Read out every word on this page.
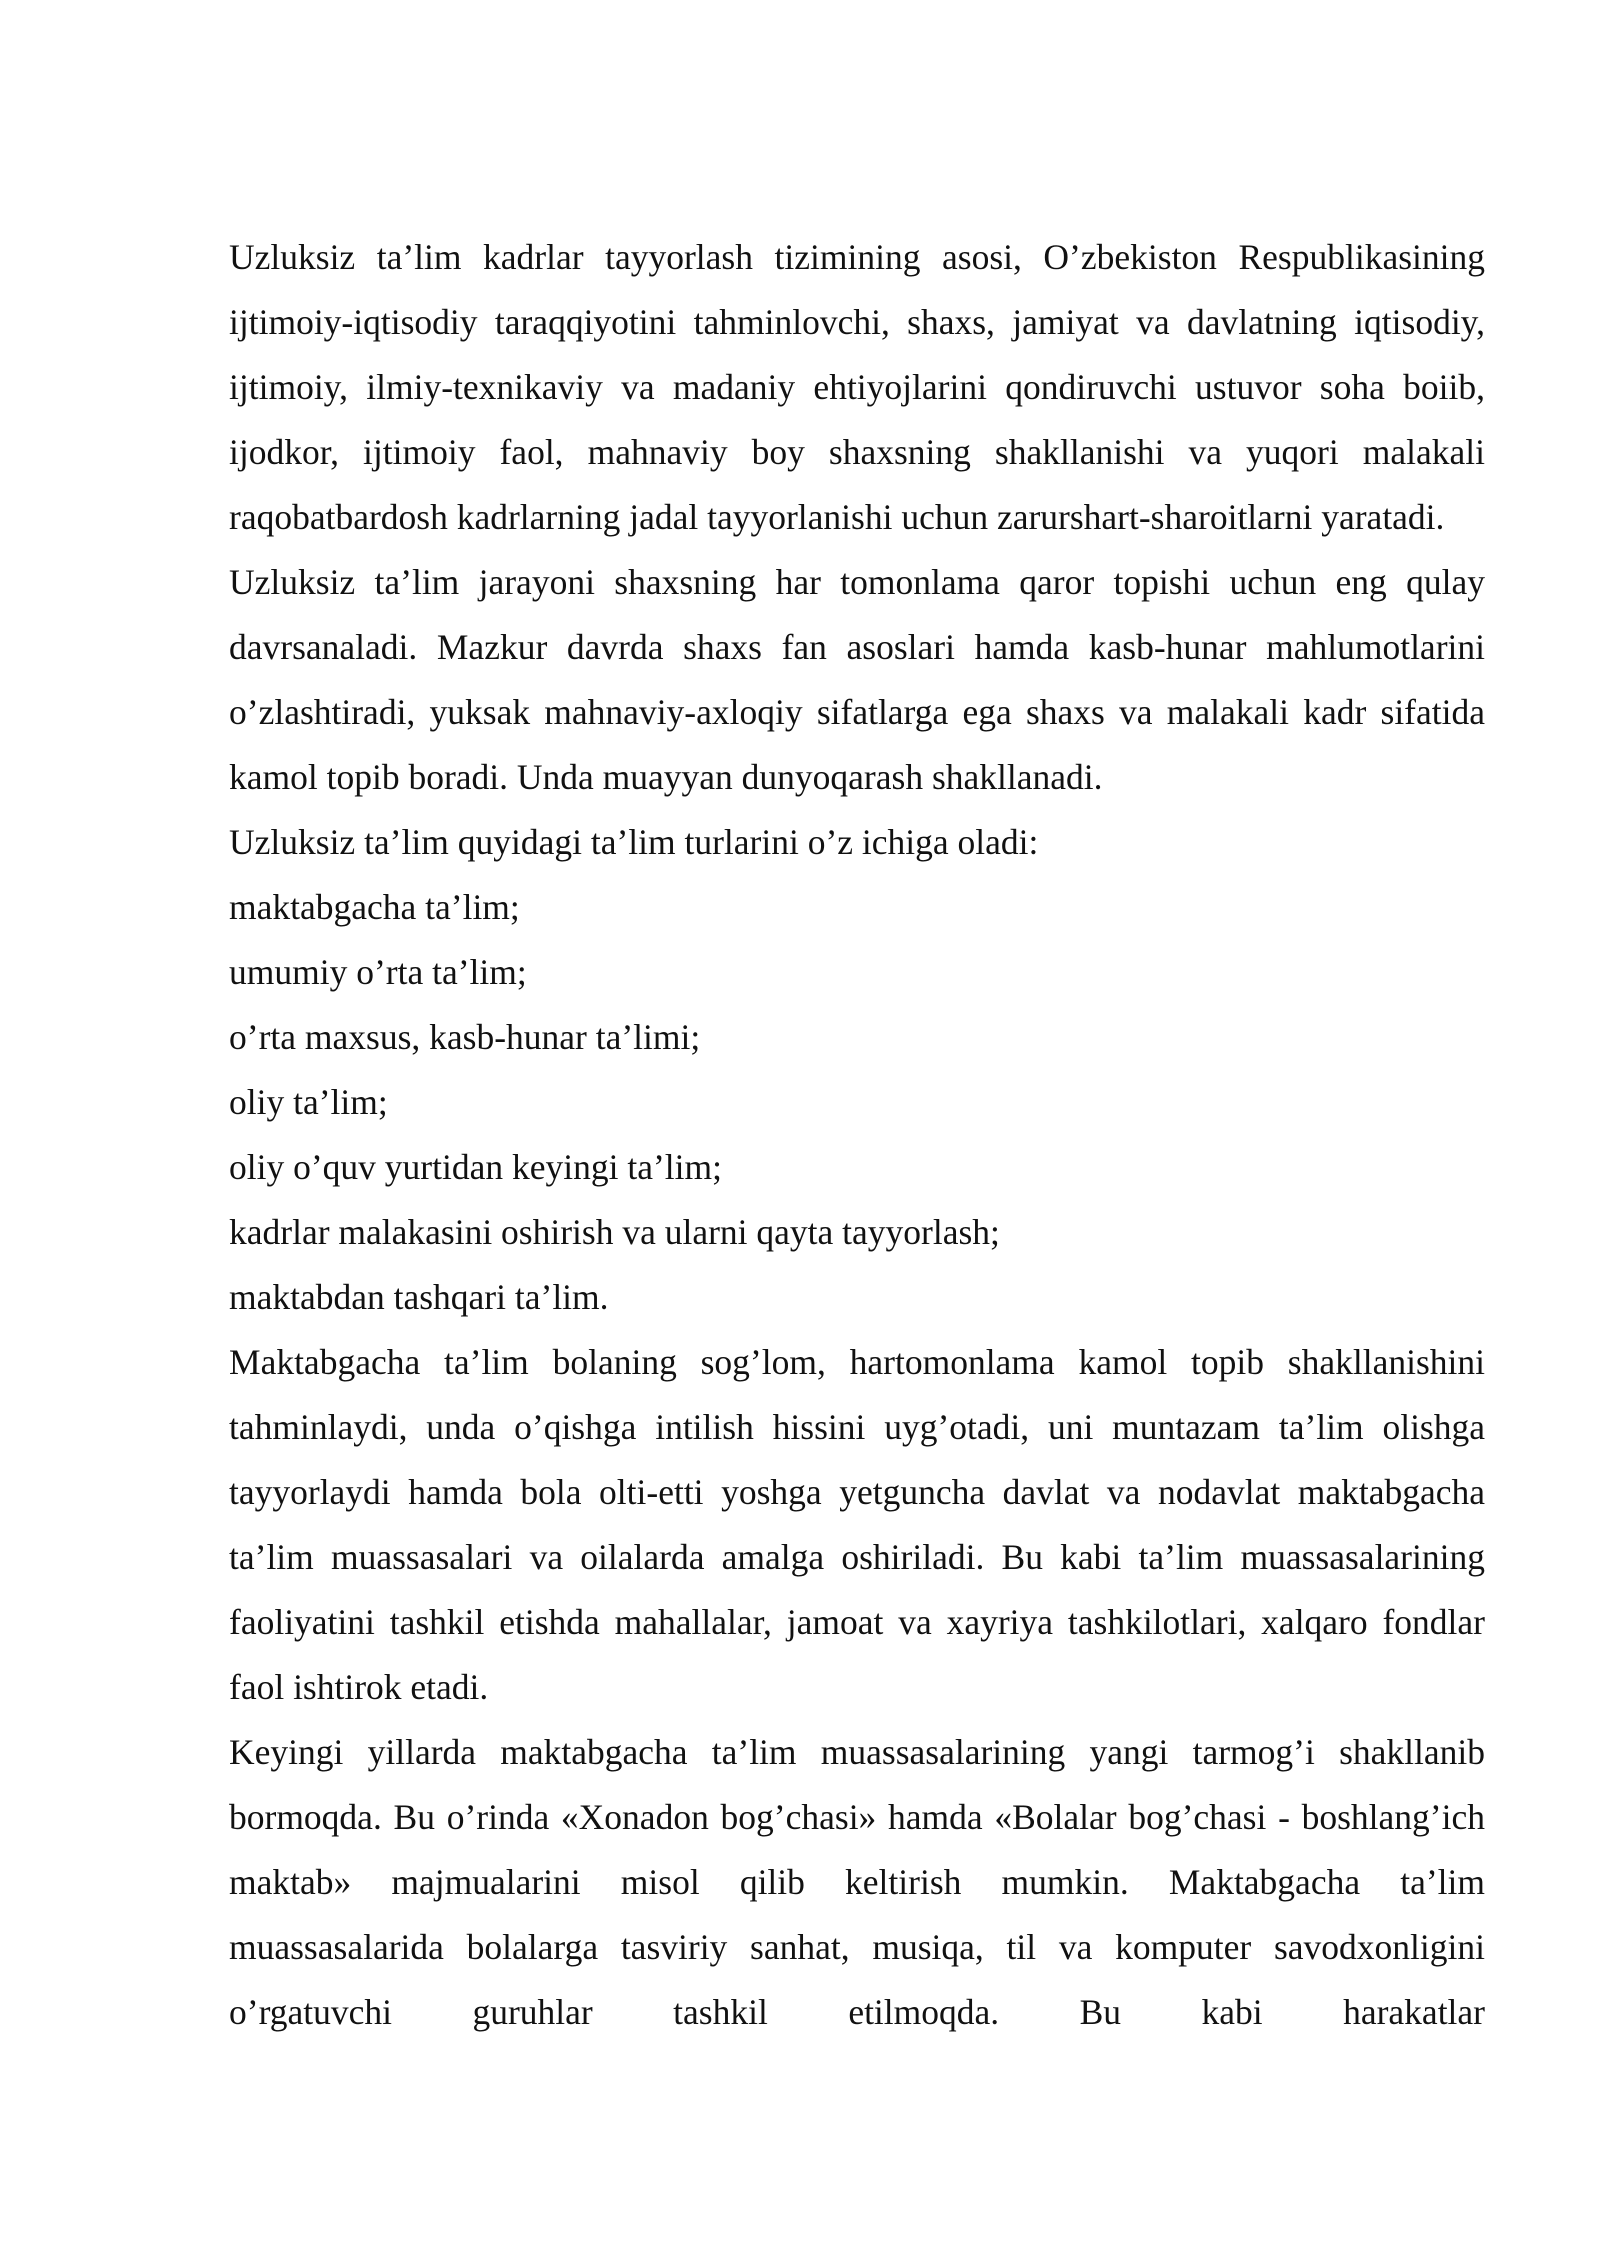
Uzluksiz ta’lim kadrlar tayyorlash tizimining asosi, O’zbekiston Respublikasining ijtimoiy-iqtisodiy taraqqiyotini tahminlovchi, shaxs, jamiyat va davlatning iqtisodiy, ijtimoiy, ilmiy-texnikaviy va madaniy ehtiyojlarini qondiruvchi ustuvor soha boiib, ijodkor, ijtimoiy faol, mahnaviy boy shaxsning shakllanishi va yuqori malakali raqobatbardosh kadrlarning jadal tayyorlanishi uchun zarurshart-sharoitlarni yaratadi.

Uzluksiz ta’lim jarayoni shaxsning har tomonlama qaror topishi uchun eng qulay davrsanaladi. Mazkur davrda shaxs fan asoslari hamda kasb-hunar mahlumotlarini o’zlashtiradi, yuksak mahnaviy-axloqiy sifatlarga ega shaxs va malakali kadr sifatida kamol topib boradi. Unda muayyan dunyoqarash shakllanadi.

Uzluksiz ta’lim quyidagi ta’lim turlarini o’z ichiga oladi:

maktabgacha ta’lim;

umumiy o’rta ta’lim;

o’rta maxsus, kasb-hunar ta’limi;

oliy ta’lim;

oliy o’quv yurtidan keyingi ta’lim;

kadrlar malakasini oshirish va ularni qayta tayyorlash;

maktabdan tashqari ta’lim.

Maktabgacha ta’lim bolaning sog’lom, hartomonlama kamol topib shakllanishini tahminlaydi, unda o’qishga intilish hissini uyg’otadi, uni muntazam ta’lim olishga tayyorlaydi hamda bola olti-etti yoshga yetguncha davlat va nodavlat maktabgacha ta’lim muassasalari va oilalarda amalga oshiriladi. Bu kabi ta’lim muassasalarining faoliyatini tashkil etishda mahallalar, jamoat va xayriya tashkilotlari, xalqaro fondlar faol ishtirok etadi.

Keyingi yillarda maktabgacha ta’lim muassasalarining yangi tarmog’i shakllanib bormoqda. Bu o’rinda «Xonadon bog’chasi» hamda «Bolalar bog’chasi - boshlang’ich maktab» majmualarini misol qilib keltirish mumkin. Maktabgacha ta’lim muassasalarida bolalarga tasviriy sanhat, musiqa, til va komputer savodxonligini o’rgatuvchi guruhlar tashkil etilmoqda. Bu kabi harakatlar
